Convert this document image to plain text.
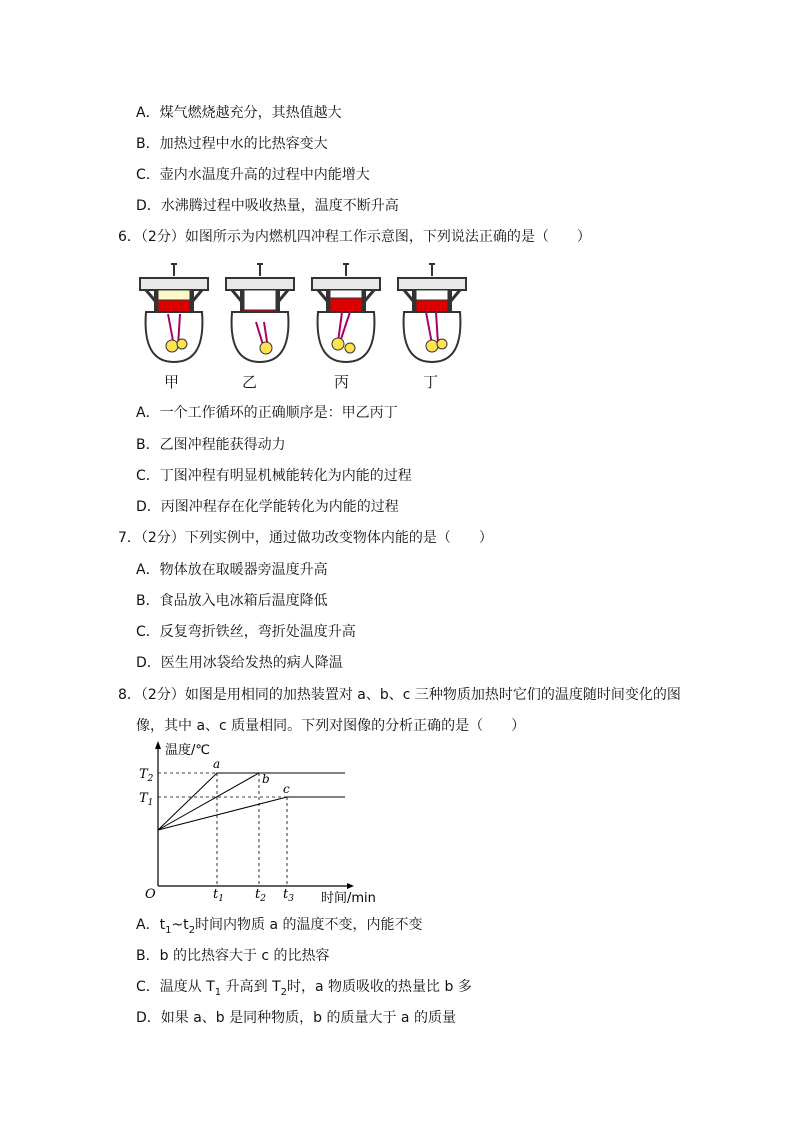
A．煤气燃烧越充分，其热值越大
B．加热过程中水的比热容变大
C．壶内水温度升高的过程中内能增大
D．水沸腾过程中吸收热量，温度不断升高
6．（2分）如图所示为内燃机四冲程工作示意图，下列说法正确的是（　　）
甲	乙	丙	丁
A．一个工作循环的正确顺序是：甲乙丙丁
B．乙图冲程能获得动力
C．丁图冲程有明显机械能转化为内能的过程
D．丙图冲程存在化学能转化为内能的过程
7．（2分）下列实例中，通过做功改变物体内能的是（　　）
A．物体放在取暖器旁温度升高
B．食品放入电冰箱后温度降低
C．反复弯折铁丝，弯折处温度升高
D．医生用冰袋给发热的病人降温
8．（2分）如图是用相同的加热装置对 a、b、c 三种物质加热时它们的温度随时间变化的图
像，其中 a、c 质量相同。下列对图像的分析正确的是（　　）
温度/℃
时间/min
O
$T_2$
$T_1$
$t_1$ $t_2$ $t_3$
a
b
c
A．$t_1\sim t_2$时间内物质 a 的温度不变，内能不变
B．b 的比热容大于 c 的比热容
C．温度从 $T_1$ 升高到 $T_2$时，a 物质吸收的热量比 b 多
D．如果 a、b 是同种物质，b 的质量大于 a 的质量
